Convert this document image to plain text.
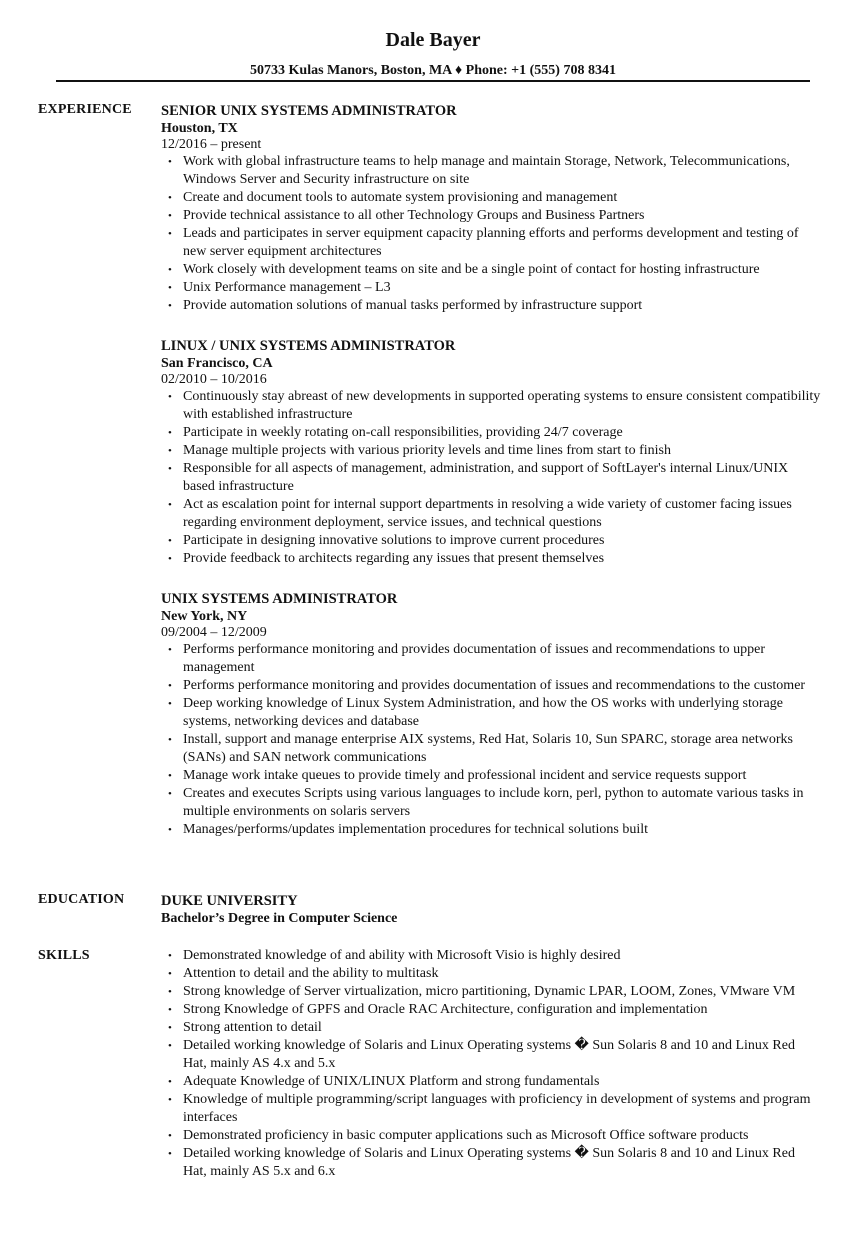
Dale Bayer
50733 Kulas Manors, Boston, MA ♦ Phone: +1 (555) 708 8341
EXPERIENCE SENIOR UNIX SYSTEMS ADMINISTRATOR
Houston, TX
12/2016 – present
• Work with global infrastructure teams to help manage and maintain Storage, Network, Telecommunications, Windows Server and Security infrastructure on site
• Create and document tools to automate system provisioning and management
• Provide technical assistance to all other Technology Groups and Business Partners
• Leads and participates in server equipment capacity planning efforts and performs development and testing of new server equipment architectures
• Work closely with development teams on site and be a single point of contact for hosting infrastructure
• Unix Performance management – L3
• Provide automation solutions of manual tasks performed by infrastructure support
LINUX / UNIX SYSTEMS ADMINISTRATOR
San Francisco, CA
02/2010 – 10/2016
• Continuously stay abreast of new developments in supported operating systems to ensure consistent compatibility with established infrastructure
• Participate in weekly rotating on-call responsibilities, providing 24/7 coverage
• Manage multiple projects with various priority levels and time lines from start to finish
• Responsible for all aspects of management, administration, and support of SoftLayer's internal Linux/UNIX based infrastructure
• Act as escalation point for internal support departments in resolving a wide variety of customer facing issues regarding environment deployment, service issues, and technical questions
• Participate in designing innovative solutions to improve current procedures
• Provide feedback to architects regarding any issues that present themselves
UNIX SYSTEMS ADMINISTRATOR
New York, NY
09/2004 – 12/2009
• Performs performance monitoring and provides documentation of issues and recommendations to upper management
• Performs performance monitoring and provides documentation of issues and recommendations to the customer
• Deep working knowledge of Linux System Administration, and how the OS works with underlying storage systems, networking devices and database
• Install, support and manage enterprise AIX systems, Red Hat, Solaris 10, Sun SPARC, storage area networks (SANs) and SAN network communications
• Manage work intake queues to provide timely and professional incident and service requests support
• Creates and executes Scripts using various languages to include korn, perl, python to automate various tasks in multiple environments on solaris servers
• Manages/performs/updates implementation procedures for technical solutions built
EDUCATION	DUKE UNIVERSITY
Bachelor’s Degree in Computer Science
SKILLS	• Demonstrated knowledge of and ability with Microsoft Visio is highly desired
• Attention to detail and the ability to multitask
• Strong knowledge of Server virtualization, micro partitioning, Dynamic LPAR, LOOM, Zones, VMware VM
• Strong Knowledge of GPFS and Oracle RAC Architecture, configuration and implementation
• Strong attention to detail
• Detailed working knowledge of Solaris and Linux Operating systems � Sun Solaris 8 and 10 and Linux Red Hat, mainly AS 4.x and 5.x
• Adequate Knowledge of UNIX/LINUX Platform and strong fundamentals
• Knowledge of multiple programming/script languages with proficiency in development of systems and program interfaces
• Demonstrated proficiency in basic computer applications such as Microsoft Office software products
• Detailed working knowledge of Solaris and Linux Operating systems � Sun Solaris 8 and 10 and Linux Red Hat, mainly AS 5.x and 6.x
